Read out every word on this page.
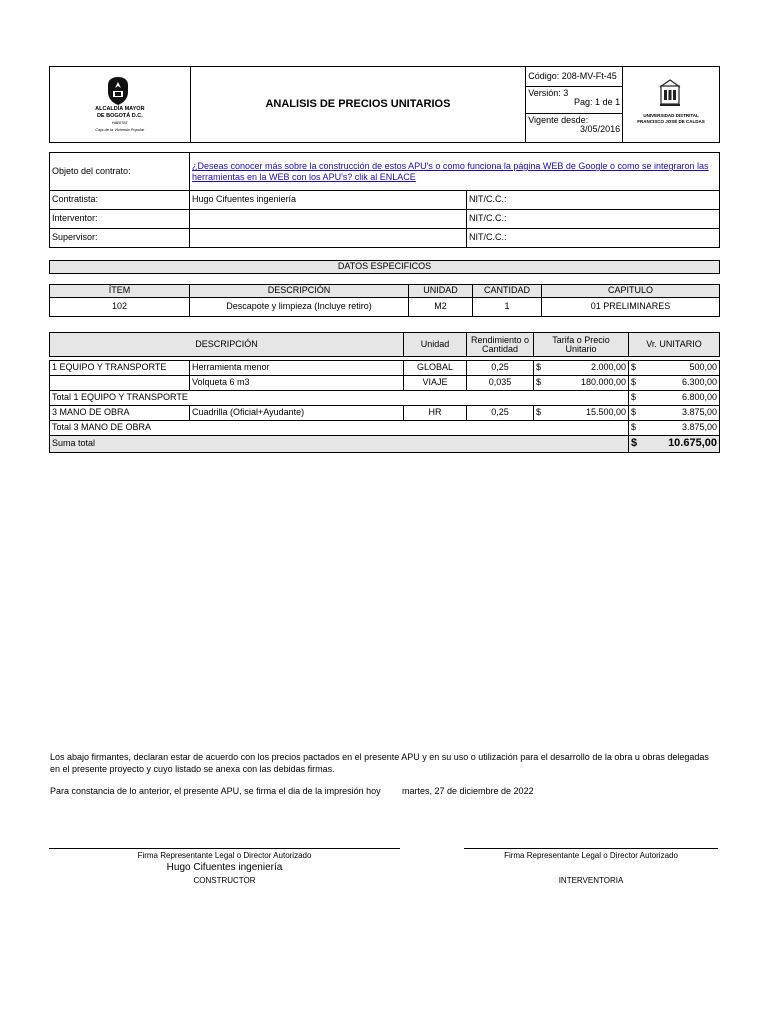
ALCALDÍA MAYOR
DE BOGOTÁ D.C.
HÁBITAT
Caja de la Vivienda Popular
	ANALISIS DE PRECIOS UNITARIOS	Código: 208-MV-Ft-45	
UNIVERSIDAD DISTRITAL
FRANCISCO JOSÉ DE CALDAS

Versión: 3
Pag: 1 de 1

Vigente desde:
3/05/2016
Objeto del contrato:	¿Deseas conocer más sobre la construcción de estos APU's o como funciona la página WEB de Google o como se integraron las herramientas en la WEB con los APU's? clik al ENLACE	
Contratista:	Hugo Cifuentes ingeniería	NIT/C.C.:
Interventor:		NIT/C.C.:
Supervisor:		NIT/C.C.:
DATOS ESPECIFICOS
ÍTEM	DESCRIPCIÓN	UNIDAD	CANTIDAD	CAPITULO
102	Descapote y limpieza (Incluye retiro)	M2	1	01 PRELIMINARES
DESCRIPCIÓN		Unidad	Rendimiento o Cantidad	Tarifa o Precio Unitario		Vr. UNITARIO	

1 EQUIPO Y TRANSPORTE	Herramienta menor	GLOBAL	0,25	$	2.000,00	$	500,00
	Volqueta 6 m3	VIAJE	0,035	$	180.000,00	$	6.300,00
Total 1 EQUIPO Y TRANSPORTE						$	6.800,00
3 MANO DE OBRA	Cuadrilla (Oficial+Ayudante)	HR	0,25	$	15.500,00	$	3.875,00
Total 3 MANO DE OBRA						$	3.875,00
Suma total						$	10.675,00
Los abajo firmantes, declaran estar de acuerdo con los precios pactados en el presente APU y en su uso o utilización para el desarrollo de la obra u obras delegadas en el presente proyecto y cuyo listado se anexa con las debidas firmas.
Para constancia de lo anterior, el presente APU, se firma el dia de la impresión hoy martes, 27 de diciembre de 2022
Firma Representante Legal o Director Autorizado
Hugo Cifuentes ingeniería
CONSTRUCTOR
Firma Representante Legal o Director Autorizado
INTERVENTORIA
